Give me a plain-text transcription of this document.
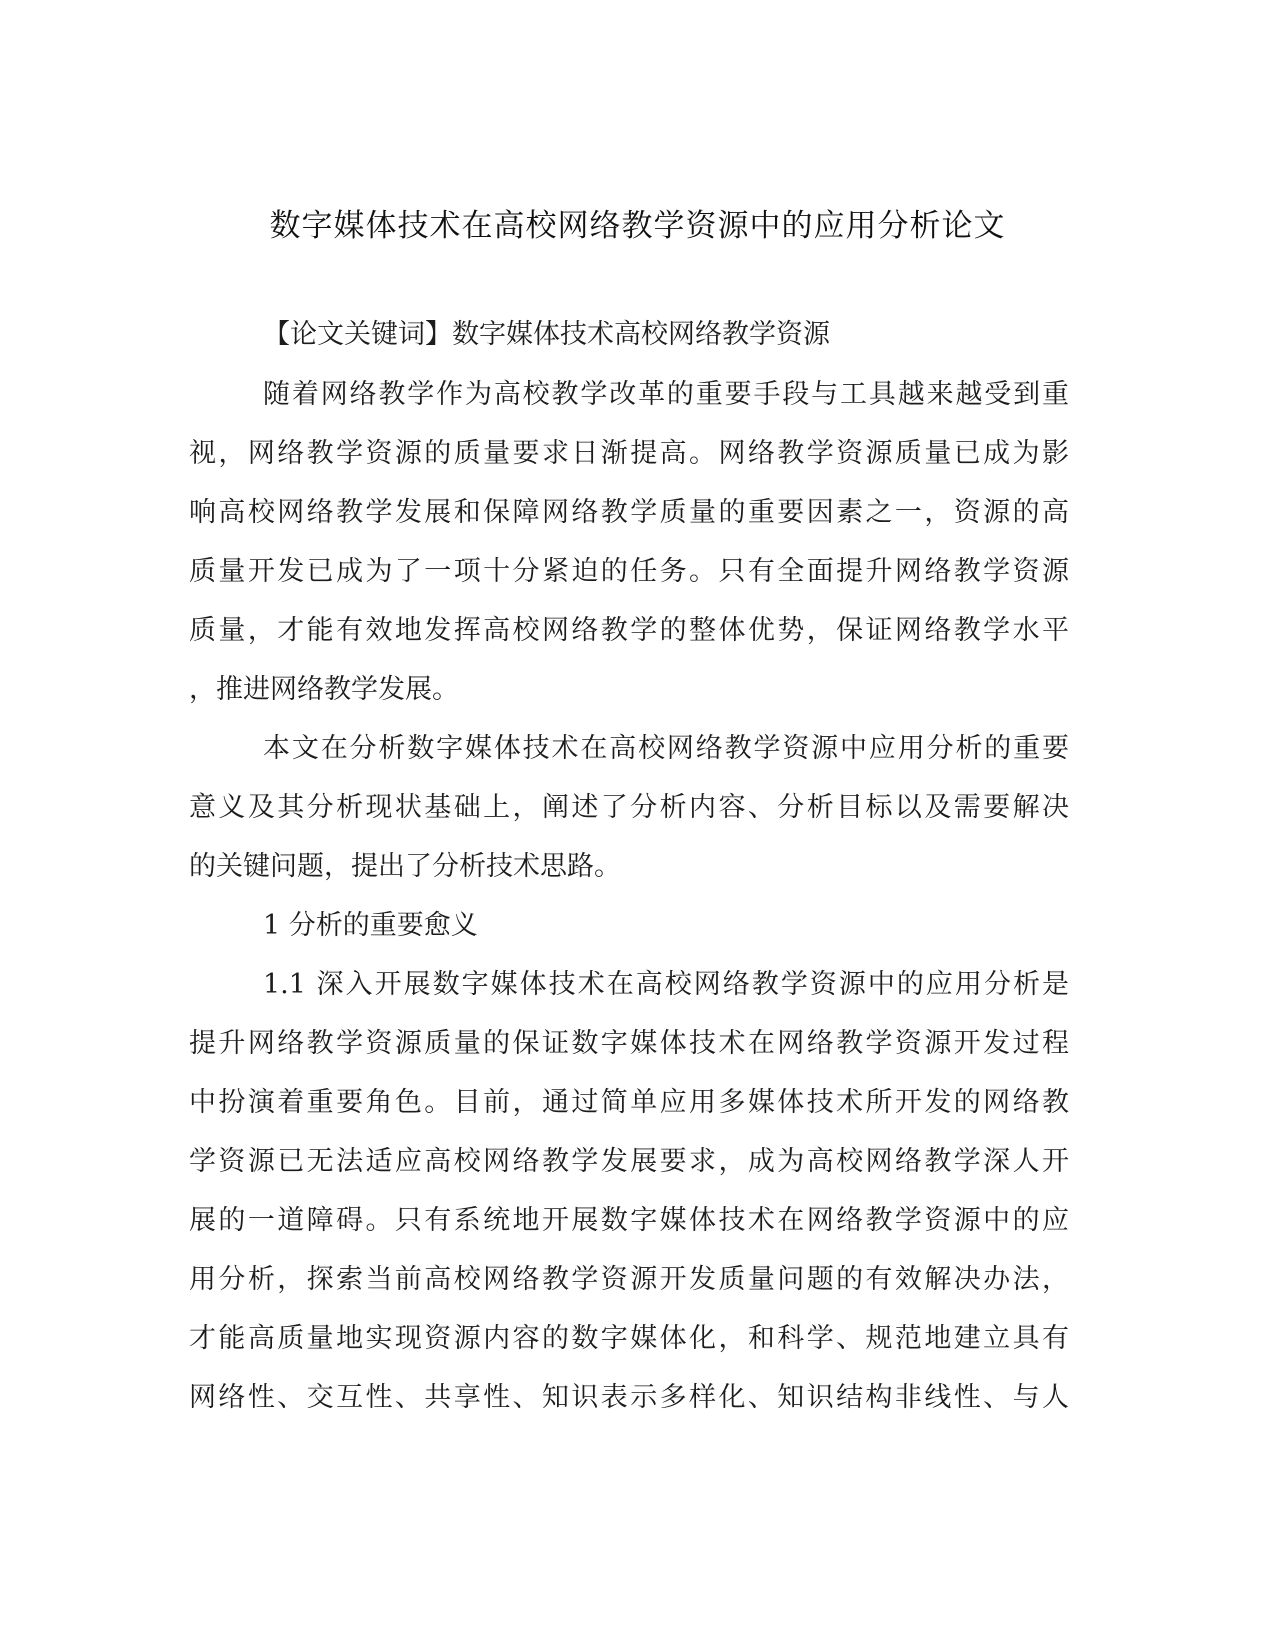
数字媒体技术在高校网络教学资源中的应用分析论文
【论文关键词】数字媒体技术高校网络教学资源
随着网络教学作为高校教学改革的重要手段与工具越来越受到重
视，网络教学资源的质量要求日渐提高。网络教学资源质量已成为影
响高校网络教学发展和保障网络教学质量的重要因素之一，资源的高
质量开发已成为了一项十分紧迫的任务。只有全面提升网络教学资源
质量，才能有效地发挥高校网络教学的整体优势，保证网络教学水平
，推进网络教学发展。
本文在分析数字媒体技术在高校网络教学资源中应用分析的重要
意义及其分析现状基础上，阐述了分析内容、分析目标以及需要解决
的关键问题，提出了分析技术思路。
1 分析的重要愈义
1.1 深入开展数字媒体技术在高校网络教学资源中的应用分析是
提升网络教学资源质量的保证数字媒体技术在网络教学资源开发过程
中扮演着重要角色。目前，通过简单应用多媒体技术所开发的网络教
学资源已无法适应高校网络教学发展要求，成为高校网络教学深人开
展的一道障碍。只有系统地开展数字媒体技术在网络教学资源中的应
用分析，探索当前高校网络教学资源开发质量问题的有效解决办法，
才能高质量地实现资源内容的数字媒体化，和科学、规范地建立具有
网络性、交互性、共享性、知识表示多样化、知识结构非线性、与人
